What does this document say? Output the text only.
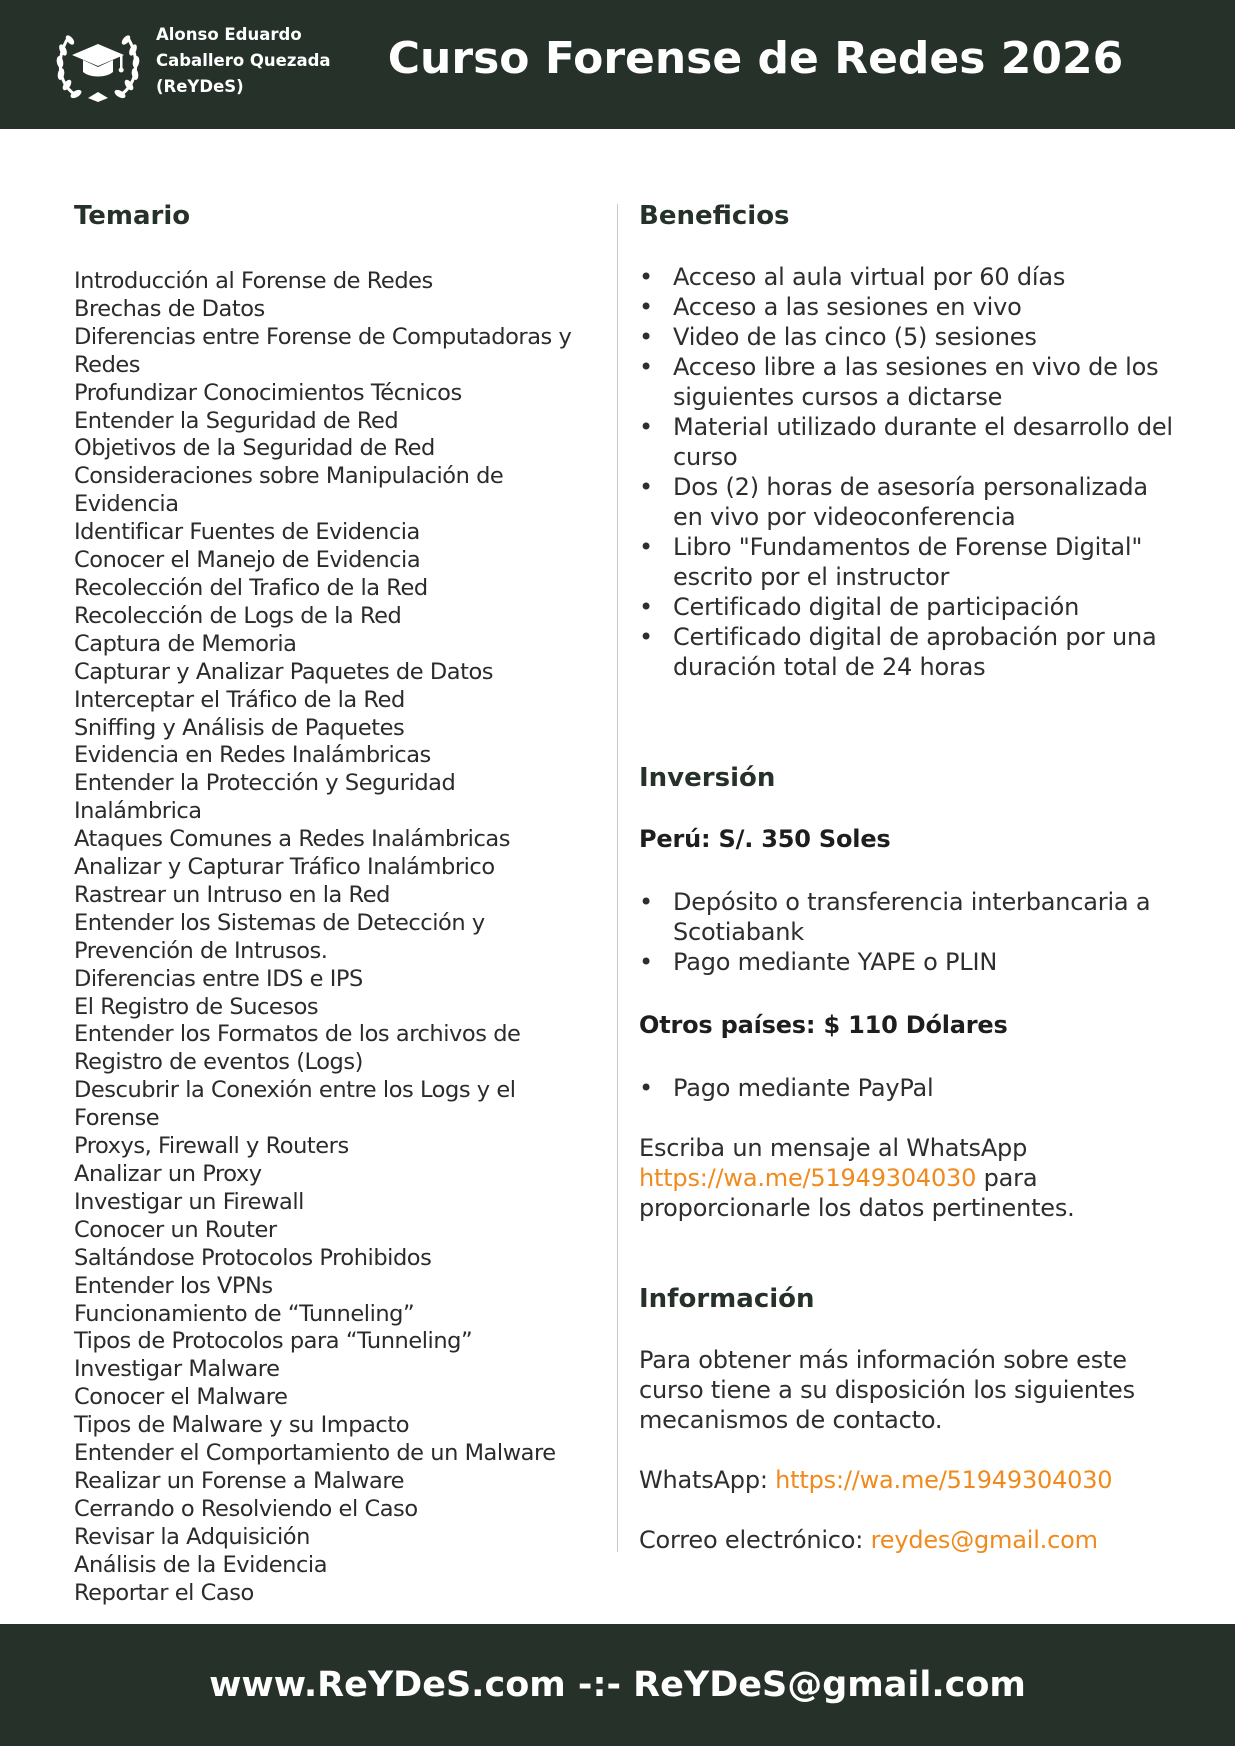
Alonso Eduardo
Caballero Quezada
(ReYDeS)
Curso Forense de Redes 2026
Temario
Introducción al Forense de Redes
Brechas de Datos
Diferencias entre Forense de Computadoras y
Redes
Profundizar Conocimientos Técnicos
Entender la Seguridad de Red
Objetivos de la Seguridad de Red
Consideraciones sobre Manipulación de
Evidencia
Identificar Fuentes de Evidencia
Conocer el Manejo de Evidencia
Recolección del Trafico de la Red
Recolección de Logs de la Red
Captura de Memoria
Capturar y Analizar Paquetes de Datos
Interceptar el Tráfico de la Red
Sniffing y Análisis de Paquetes
Evidencia en Redes Inalámbricas
Entender la Protección y Seguridad
Inalámbrica
Ataques Comunes a Redes Inalámbricas
Analizar y Capturar Tráfico Inalámbrico
Rastrear un Intruso en la Red
Entender los Sistemas de Detección y
Prevención de Intrusos.
Diferencias entre IDS e IPS
El Registro de Sucesos
Entender los Formatos de los archivos de
Registro de eventos (Logs)
Descubrir la Conexión entre los Logs y el
Forense
Proxys, Firewall y Routers
Analizar un Proxy
Investigar un Firewall
Conocer un Router
Saltándose Protocolos Prohibidos
Entender los VPNs
Funcionamiento de “Tunneling”
Tipos de Protocolos para “Tunneling”
Investigar Malware
Conocer el Malware
Tipos de Malware y su Impacto
Entender el Comportamiento de un Malware
Realizar un Forense a Malware
Cerrando o Resolviendo el Caso
Revisar la Adquisición
Análisis de la Evidencia
Reportar el Caso
Beneficios
• Acceso al aula virtual por 60 días
• Acceso a las sesiones en vivo
• Video de las cinco (5) sesiones
• Acceso libre a las sesiones en vivo de los siguientes cursos a dictarse
• Material utilizado durante el desarrollo del curso
• Dos (2) horas de asesoría personalizada en vivo por videoconferencia
• Libro "Fundamentos de Forense Digital" escrito por el instructor
• Certificado digital de participación
• Certificado digital de aprobación por una duración total de 24 horas
Inversión
Perú: S/. 350 Soles
• Depósito o transferencia interbancaria a Scotiabank
• Pago mediante YAPE o PLIN
Otros países: $ 110 Dólares
• Pago mediante PayPal

Escriba un mensaje al WhatsApp
https://wa.me/51949304030 para proporcionarle los datos pertinentes.

Información

Para obtener más información sobre este curso tiene a su disposición los siguientes mecanismos de contacto.

WhatsApp: https://wa.me/51949304030

Correo electrónico: reydes@gmail.com

www.ReYDeS.com -:- ReYDeS@gmail.com
